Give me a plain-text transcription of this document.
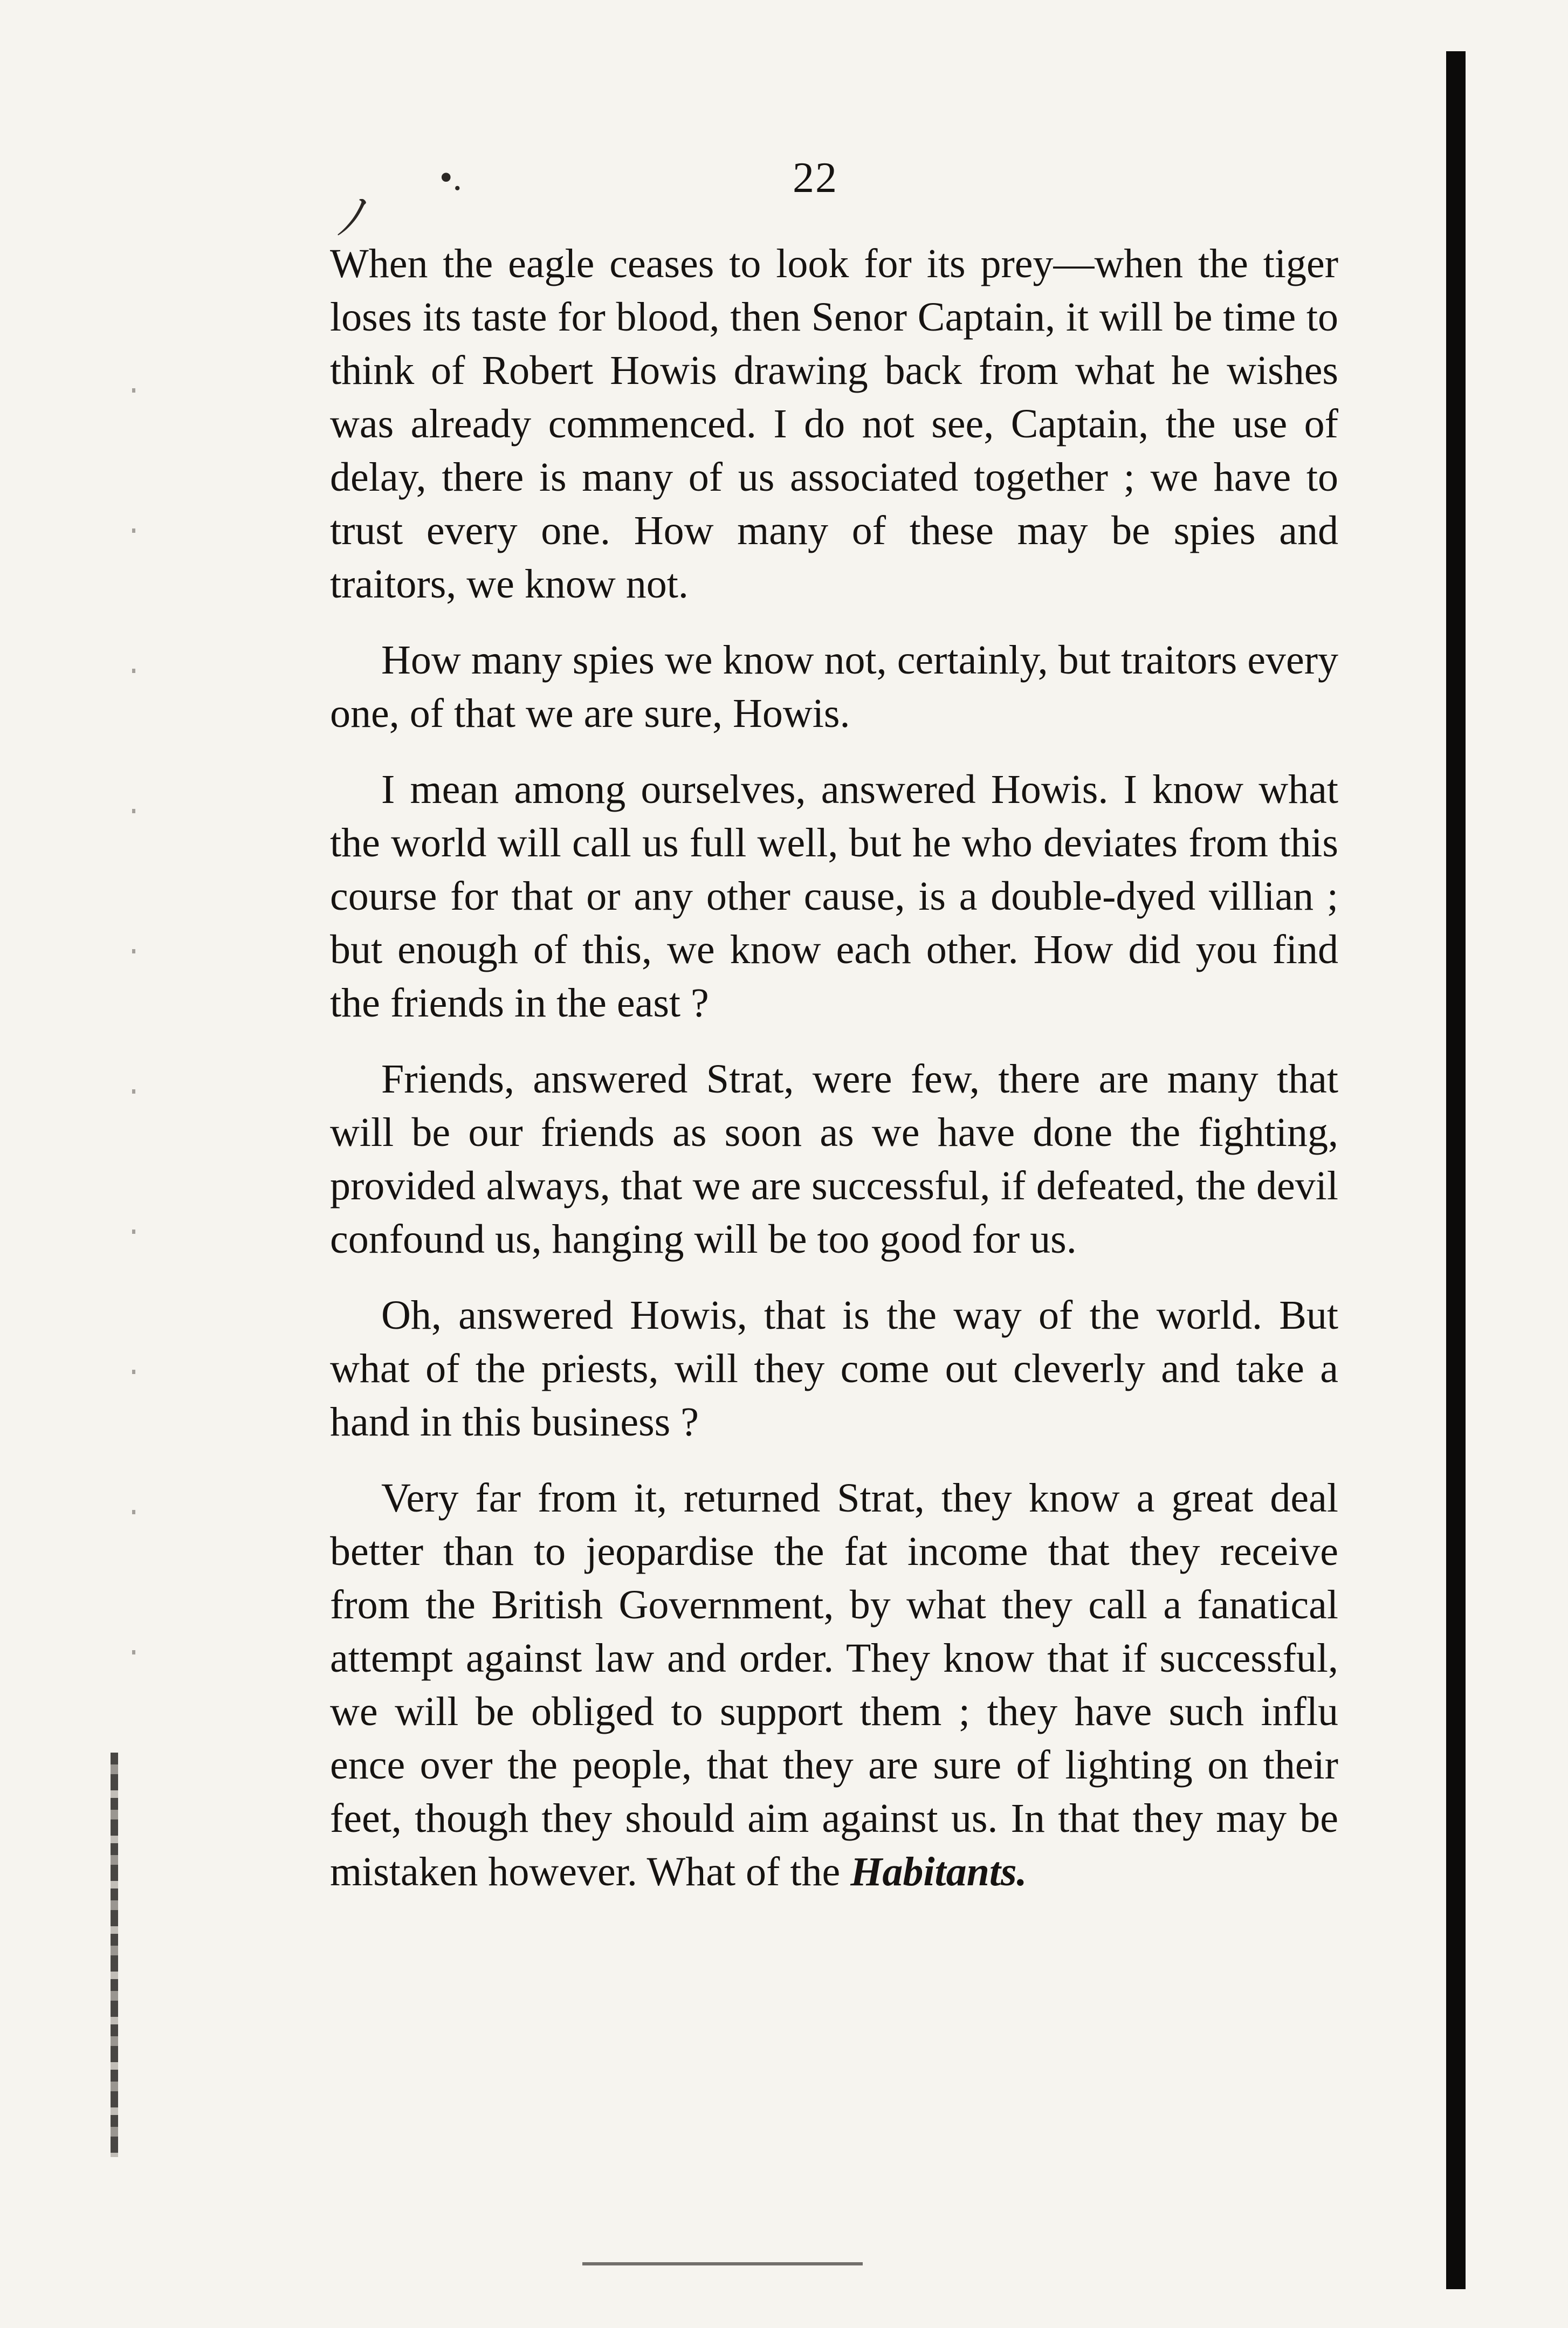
ﾉ
•.	22

When the eagle ceases to look for its prey—when the tiger loses its taste for blood, then Senor Captain, it will be time to think of Robert Howis drawing back from what he wishes was already commenced. I do not see, Captain, the use of delay, there is many of us associated together ; we have to trust every one. How many of these may be spies and traitors, we know not.

How many spies we know not, certainly, but traitors every one, of that we are sure, Howis.

I mean among ourselves, answered Howis. I know what the world will call us full well, but he who deviates from this course for that or any other cause, is a double-dyed villian ; but enough of this, we know each other. How did you find the friends in the east ?

Friends, answered Strat, were few, there are many that will be our friends as soon as we have done the fighting, provided always, that we are successful, if defeated, the devil confound us, hanging will be too good for us.

Oh, answered Howis, that is the way of the world. But what of the priests, will they come out cleverly and take a hand in this business ?

Very far from it, returned Strat, they know a great deal better than to jeopardise the fat income that they receive from the British Government, by what they call a fanatical attempt against law and order. They know that if successful, we will be obliged to support them ; they have such influ ence over the people, that they are sure of lighting on their feet, though they should aim against us. In that they may be mistaken however. What of the Habitants.
